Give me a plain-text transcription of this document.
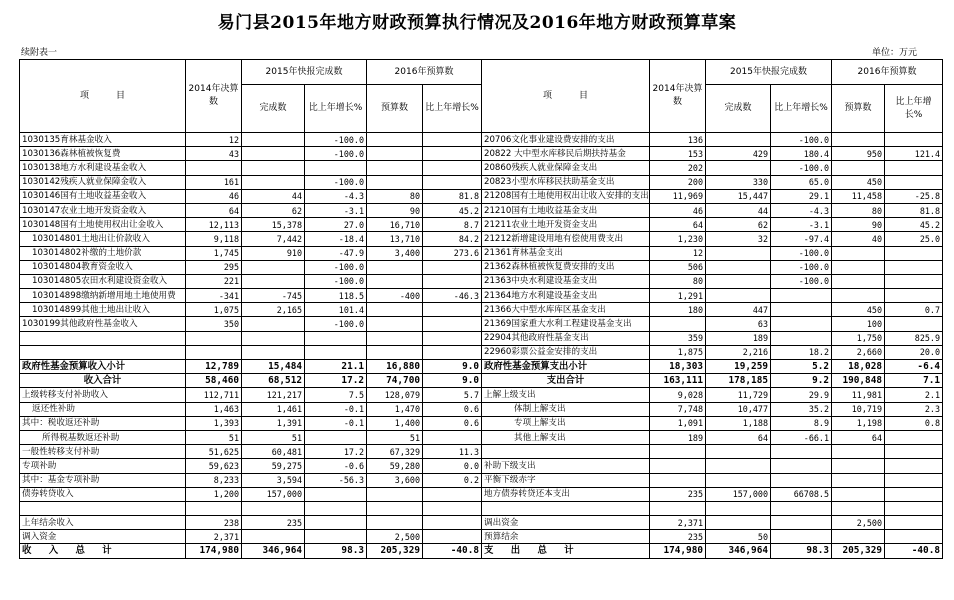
易门县2015年地方财政预算执行情况及2016年地方财政预算草案
续附表一	单位：万元
项　　　目	2014年决算数	2015年快报完成数		2016年预算数		项　　　目	2014年决算数	2015年快报完成数		2016年预算数	
		完成数	比上年增长%	预算数	比上年增长%			完成数	比上年增长%	预算数	比上年增长%
1030135育林基金收入	12		-100.0			20706文化事业建设费安排的支出	136		-100.0		
1030136森林植被恢复费	43		-100.0			20822 大中型水库移民后期扶持基金	153	429	180.4	950	121.4
1030138地方水利建设基金收入						20860残疾人就业保障金支出	202		-100.0		
1030142残疾人就业保障金收入	161		-100.0			20823小型水库移民扶助基金支出	200	330	65.0	450	
1030146国有土地收益基金收入	46	44	-4.3	80	81.8	21208国有土地使用权出让收入安排的支出	11,969	15,447	29.1	11,458	-25.8
1030147农业土地开发资金收入	64	62	-3.1	90	45.2	21210国有土地收益基金支出	46	44	-4.3	80	81.8
1030148国有土地使用权出让金收入	12,113	15,378	27.0	16,710	8.7	21211农业土地开发资金支出	64	62	-3.1	90	45.2
103014801土地出让价款收入	9,118	7,442	-18.4	13,710	84.2	21212新增建设用地有偿使用费支出	1,230	32	-97.4	40	25.0
103014802补缴的土地价款	1,745	910	-47.9	3,400	273.6	21361育林基金支出	12		-100.0		
103014804教育资金收入	295		-100.0			21362森林植被恢复费安排的支出	506		-100.0		
103014805农田水利建设资金收入	221		-100.0			21363中央水利建设基金支出	80		-100.0		
103014898缴纳新增用地土地使用费	-341	-745	118.5	-400	-46.3	21364地方水利建设基金支出	1,291				
103014899其他土地出让收入	1,075	2,165	101.4			21366大中型水库库区基金支出	180	447		450	0.7
1030199其他政府性基金收入	350		-100.0			21369国家重大水利工程建设基金支出		63		100	
						22904其他政府性基金支出	359	189		1,750	825.9
						22960彩票公益金安排的支出	1,875	2,216	18.2	2,660	20.0
政府性基金预算收入小计	12,789	15,484	21.1	16,880	9.0	政府性基金预算支出小计	18,303	19,259	5.2	18,028	-6.4
收入合计	58,460	68,512	17.2	74,700	9.0	支出合计	163,111	178,185	9.2	190,848	7.1
上级转移支付补助收入	112,711	121,217	7.5	128,079	5.7	上解上级支出	9,028	11,729	29.9	11,981	2.1
返还性补助	1,463	1,461	-0.1	1,470	0.6	体制上解支出	7,748	10,477	35.2	10,719	2.3
其中：税收返还补助	1,393	1,391	-0.1	1,400	0.6	专项上解支出	1,091	1,188	8.9	1,198	0.8
所得税基数返还补助	51	51		51		其他上解支出	189	64	-66.1	64	
一般性转移支付补助	51,625	60,481	17.2	67,329	11.3						
专项补助	59,623	59,275	-0.6	59,280	0.0	补助下级支出					
其中：基金专项补助	8,233	3,594	-56.3	3,600	0.2	平衡下级赤字					
债券转贷收入	1,200	157,000				地方债券转贷还本支出	235	157,000	66708.5		

上年结余收入	238	235				调出资金	2,371			2,500	
调入资金	2,371			2,500		预算结余	235	50			
收　入　总　计	174,980	346,964	98.3	205,329	-40.8	支　出　总　计	174,980	346,964	98.3	205,329	-40.8
